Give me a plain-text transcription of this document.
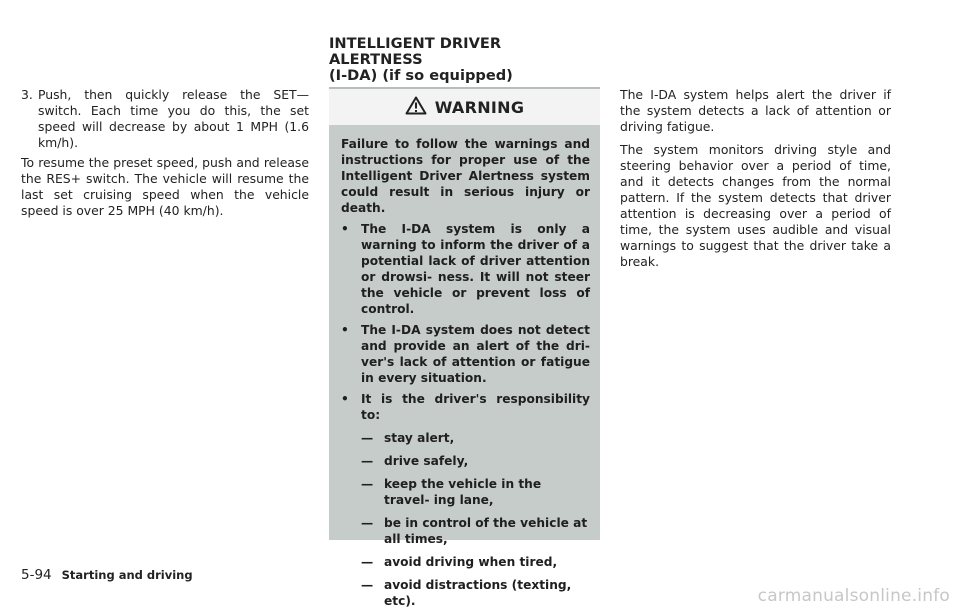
3. Push, then quickly release the SET— switch. Each time you do this, the set speed will decrease by about 1 MPH (1.6 km/h).

To resume the preset speed, push and release the RES+ switch. The vehicle will resume the last set cruising speed when the vehicle speed is over 25 MPH (40 km/h).

INTELLIGENT DRIVER ALERTNESS
(I-DA) (if so equipped)
WARNING

Failure to follow the warnings and instructions for proper use of the Intelligent Driver Alertness system could result in serious injury or death.

•	The I-DA system is only a warning to inform the driver of a potential lack of driver attention or drowsi- ness. It will not steer the vehicle or prevent loss of control.
•	The I-DA system does not detect and provide an alert of the dri- ver's lack of attention or fatigue in every situation.
•	It is the driver's responsibility to:
— stay alert,
— drive safely,
— keep the vehicle in the travel- ing lane,
— be in control of the vehicle at all times,
— avoid driving when tired,
— avoid distractions (texting, etc).

The I-DA system helps alert the driver if the system detects a lack of attention or driving fatigue.

The system monitors driving style and steering behavior over a period of time, and it detects changes from the normal pattern. If the system detects that driver attention is decreasing over a period of time, the system uses audible and visual warnings to suggest that the driver take a break.

5-94 Starting and driving
carmanualsonline.info
